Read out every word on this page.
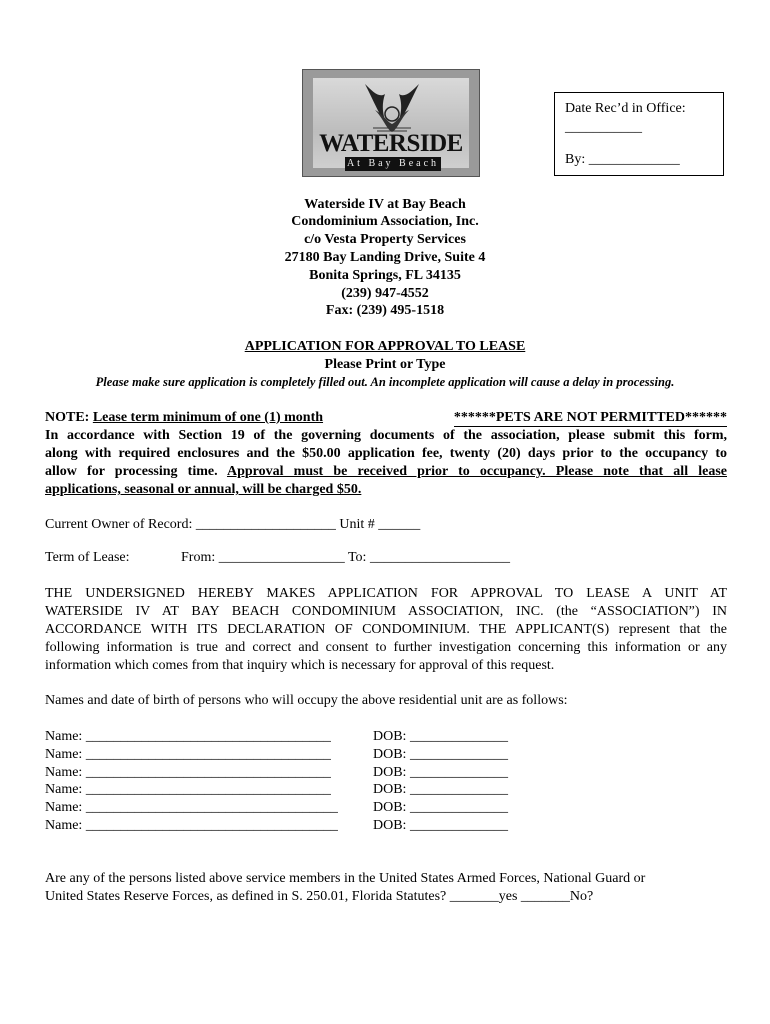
WATERSIDE
At Bay Beach
Date Rec’d in Office:
___________
By: _____________
Waterside IV at Bay Beach
Condominium Association, Inc.
c/o Vesta Property Services
27180 Bay Landing Drive, Suite 4
Bonita Springs, FL 34135
(239) 947-4552
Fax: (239) 495-1518
APPLICATION FOR APPROVAL TO LEASE
Please Print or Type
Please make sure application is completely filled out. An incomplete application will cause a delay in processing.
NOTE: Lease term minimum of one (1) month	******PETS ARE NOT PERMITTED******
In accordance with Section 19 of the governing documents of the association, please submit this form,
along with required enclosures and the $50.00 application fee, twenty (20) days prior to the occupancy to
allow for processing time. Approval must be received prior to occupancy. Please note that all lease
applications, seasonal or annual, will be charged $50.
Current Owner of Record: ____________________ Unit # ______
Term of Lease:	From: __________________ To: ____________________
THE UNDERSIGNED HEREBY MAKES APPLICATION FOR APPROVAL TO LEASE A UNIT AT
WATERSIDE IV AT BAY BEACH CONDOMINIUM ASSOCIATION, INC. (the “ASSOCIATION”) IN
ACCORDANCE WITH ITS DECLARATION OF CONDOMINIUM. THE APPLICANT(S) represent that the
following information is true and correct and consent to further investigation concerning this information or any
information which comes from that inquiry which is necessary for approval of this request.
Names and date of birth of persons who will occupy the above residential unit are as follows:
Name: ___________________________________	DOB: ______________
Name: ___________________________________	DOB: ______________
Name: ___________________________________	DOB: ______________
Name: ___________________________________	DOB: ______________
Name: ____________________________________	DOB: ______________
Name: ____________________________________	DOB: ______________
Are any of the persons listed above service members in the United States Armed Forces, National Guard or
United States Reserve Forces, as defined in S. 250.01, Florida Statutes? _______yes _______No?
